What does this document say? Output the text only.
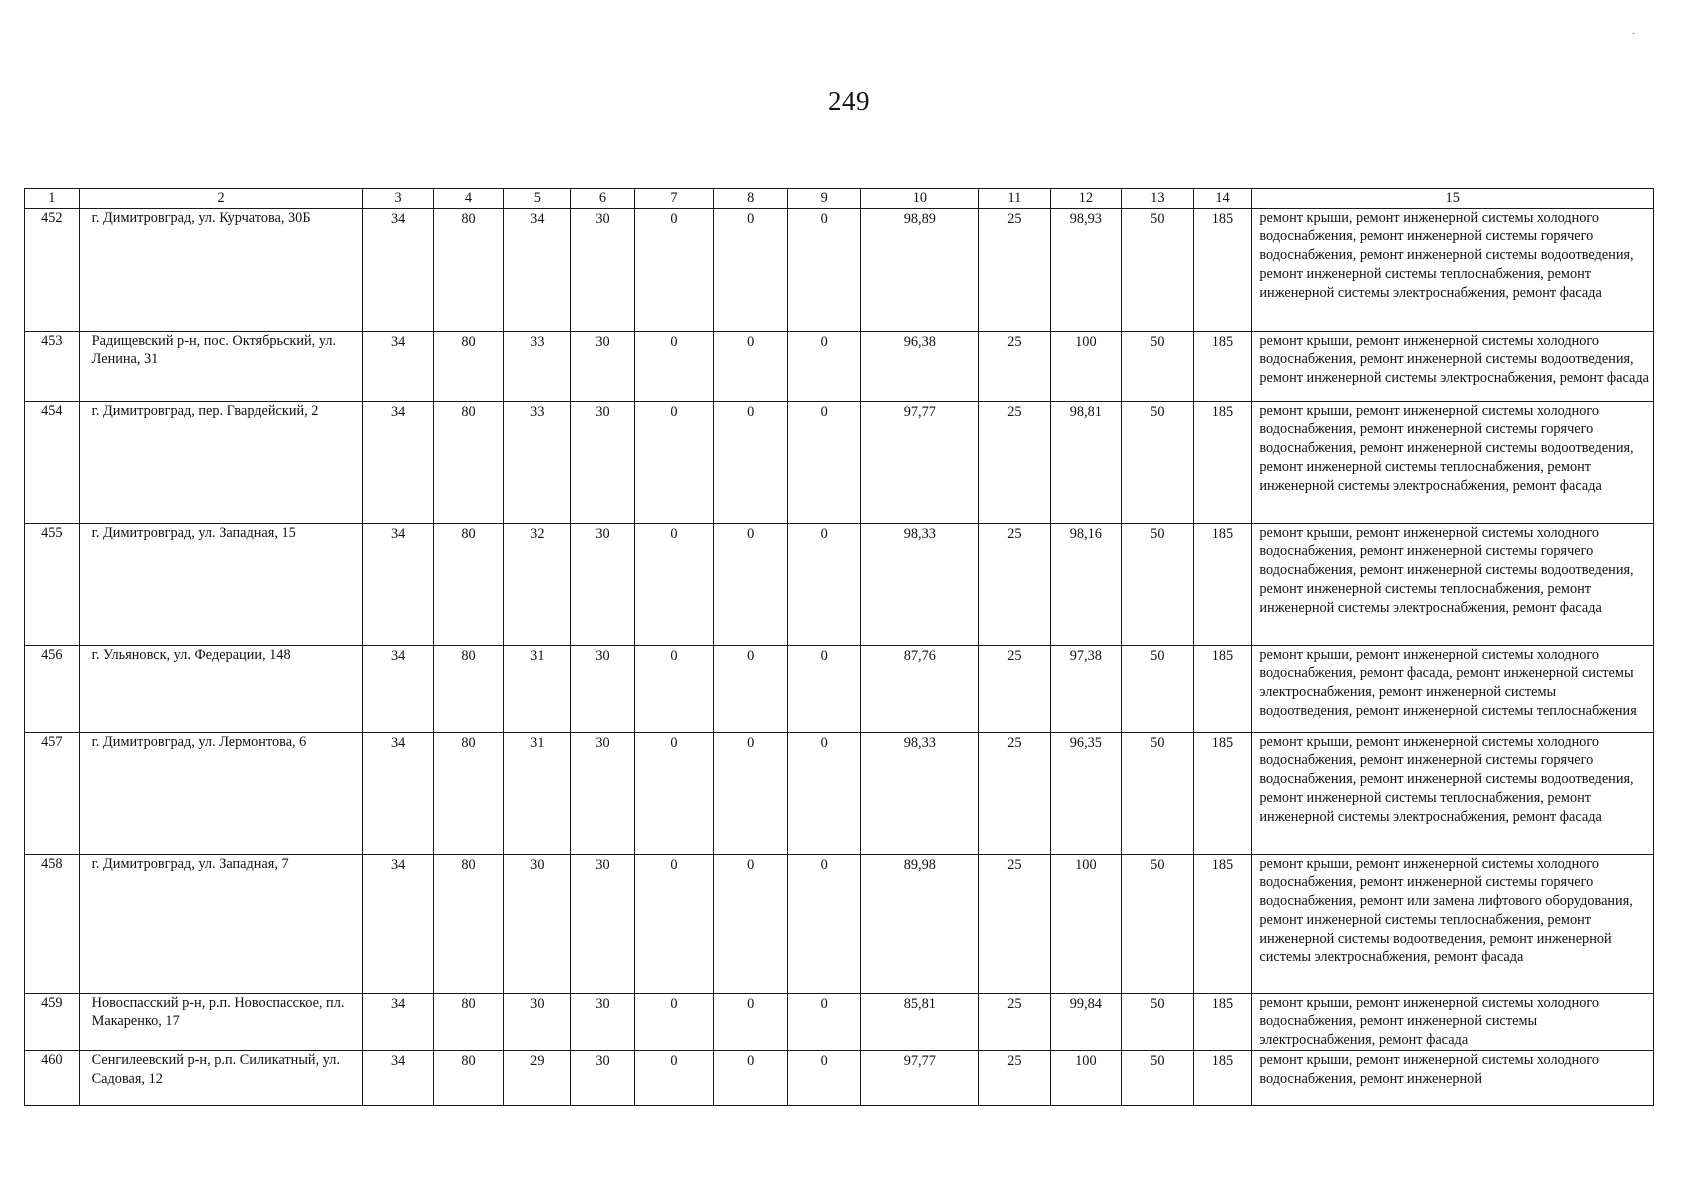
249
.
1	2	3	4	5	6	7	8	9	10	11	12	13	14	15
452	г. Димитровград, ул. Курчатова, 30Б	34	80	34	30	0	0	0	98,89	25	98,93	50	185	ремонт крыши, ремонт инженерной системы холодного водоснабжения, ремонт инженерной системы горячего водоснабжения, ремонт инженерной системы водоотведения, ремонт инженерной системы теплоснабжения, ремонт инженерной системы электроснабжения, ремонт фасада
453	Радищевский р-н, пос. Октябрьский, ул. Ленина, 31	34	80	33	30	0	0	0	96,38	25	100	50	185	ремонт крыши, ремонт инженерной системы холодного водоснабжения, ремонт инженерной системы водоотведения, ремонт инженерной системы электроснабжения, ремонт фасада
454	г. Димитровград, пер. Гвардейский, 2	34	80	33	30	0	0	0	97,77	25	98,81	50	185	ремонт крыши, ремонт инженерной системы холодного водоснабжения, ремонт инженерной системы горячего водоснабжения, ремонт инженерной системы водоотведения, ремонт инженерной системы теплоснабжения, ремонт инженерной системы электроснабжения, ремонт фасада
455	г. Димитровград, ул. Западная, 15	34	80	32	30	0	0	0	98,33	25	98,16	50	185	ремонт крыши, ремонт инженерной системы холодного водоснабжения, ремонт инженерной системы горячего водоснабжения, ремонт инженерной системы водоотведения, ремонт инженерной системы теплоснабжения, ремонт инженерной системы электроснабжения, ремонт фасада
456	г. Ульяновск, ул. Федерации, 148	34	80	31	30	0	0	0	87,76	25	97,38	50	185	ремонт крыши, ремонт инженерной системы холодного водоснабжения, ремонт фасада, ремонт инженерной системы электроснабжения, ремонт инженерной системы водоотведения, ремонт инженерной системы теплоснабжения
457	г. Димитровград, ул. Лермонтова, 6	34	80	31	30	0	0	0	98,33	25	96,35	50	185	ремонт крыши, ремонт инженерной системы холодного водоснабжения, ремонт инженерной системы горячего водоснабжения, ремонт инженерной системы водоотведения, ремонт инженерной системы теплоснабжения, ремонт инженерной системы электроснабжения, ремонт фасада
458	г. Димитровград, ул. Западная, 7	34	80	30	30	0	0	0	89,98	25	100	50	185	ремонт крыши, ремонт инженерной системы холодного водоснабжения, ремонт инженерной системы горячего водоснабжения, ремонт или замена лифтового оборудования, ремонт инженерной системы теплоснабжения, ремонт инженерной системы водоотведения, ремонт инженерной системы электроснабжения, ремонт фасада
459	Новоспасский р-н, р.п. Новоспасское, пл. Макаренко, 17	34	80	30	30	0	0	0	85,81	25	99,84	50	185	ремонт крыши, ремонт инженерной системы холодного водоснабжения, ремонт инженерной системы электроснабжения, ремонт фасада
460	Сенгилеевский р-н, р.п. Силикатный, ул. Садовая, 12	34	80	29	30	0	0	0	97,77	25	100	50	185	ремонт крыши, ремонт инженерной системы холодного водоснабжения, ремонт инженерной
